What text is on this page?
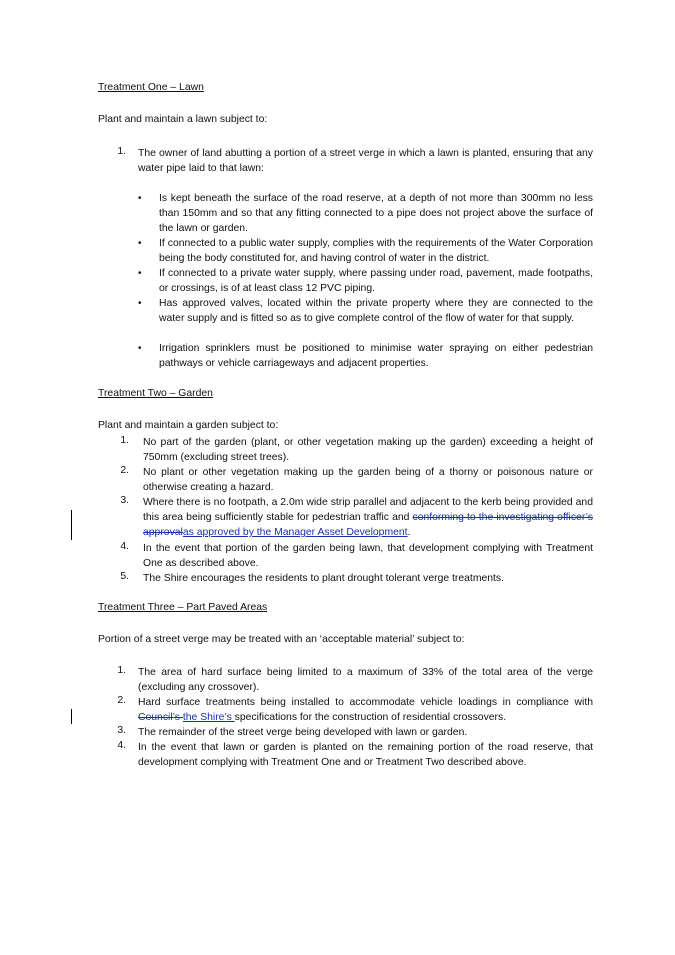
Treatment One – Lawn
Plant and maintain a lawn subject to:
1. The owner of land abutting a portion of a street verge in which a lawn is planted, ensuring that any water pipe laid to that lawn:
• Is kept beneath the surface of the road reserve, at a depth of not more than 300mm no less than 150mm and so that any fitting connected to a pipe does not project above the surface of the lawn or garden.
• If connected to a public water supply, complies with the requirements of the Water Corporation being the body constituted for, and having control of water in the district.
• If connected to a private water supply, where passing under road, pavement, made footpaths, or crossings, is of at least class 12 PVC piping.
• Has approved valves, located within the private property where they are connected to the water supply and is fitted so as to give complete control of the flow of water for that supply.
• Irrigation sprinklers must be positioned to minimise water spraying on either pedestrian pathways or vehicle carriageways and adjacent properties.
Treatment Two – Garden
Plant and maintain a garden subject to:
1. No part of the garden (plant, or other vegetation making up the garden) exceeding a height of 750mm (excluding street trees).
2. No plant or other vegetation making up the garden being of a thorny or poisonous nature or otherwise creating a hazard.
3. Where there is no footpath, a 2.0m wide strip parallel and adjacent to the kerb being provided and this area being sufficiently stable for pedestrian traffic and conforming to the investigating officer’s approvalas approved by the Manager Asset Development.
4. In the event that portion of the garden being lawn, that development complying with Treatment One as described above.
5. The Shire encourages the residents to plant drought tolerant verge treatments.
Treatment Three – Part Paved Areas
Portion of a street verge may be treated with an ‘acceptable material’ subject to:
1. The area of hard surface being limited to a maximum of 33% of the total area of the verge (excluding any crossover).
2. Hard surface treatments being installed to accommodate vehicle loadings in compliance with Council’s the Shire’s specifications for the construction of residential crossovers.
3. The remainder of the street verge being developed with lawn or garden.
4. In the event that lawn or garden is planted on the remaining portion of the road reserve, that development complying with Treatment One and or Treatment Two described above.
